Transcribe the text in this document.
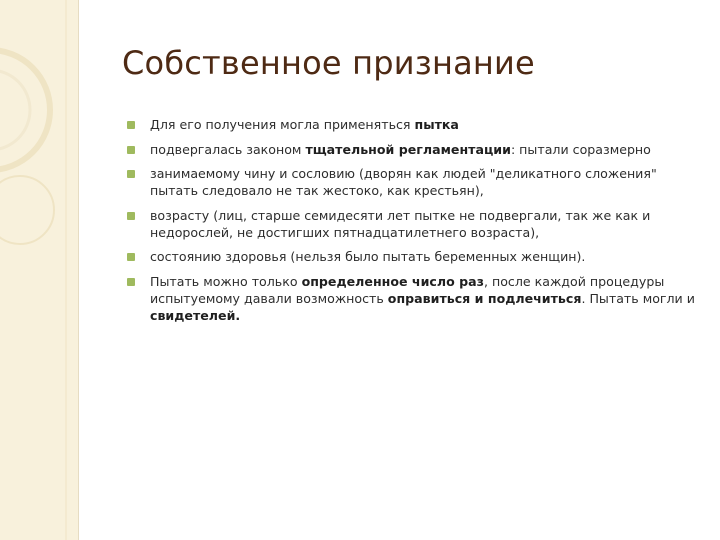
Собственное признание
Для его получения могла применяться пытка
подвергалась законом тщательной регламентации: пытали соразмерно
занимаемому чину и сословию (дворян как людей "деликатного сложения" пытать следовало не так жестоко, как крестьян),
возрасту (лиц, старше семидесяти лет пытке не подвергали, так же как и недорослей, не достигших пятнадцатилетнего возраста),
состоянию здоровья (нельзя было пытать беременных женщин).
Пытать можно только определенное число раз, после каждой процедуры испытуемому давали возможность оправиться и подлечиться. Пытать могли и свидетелей.
